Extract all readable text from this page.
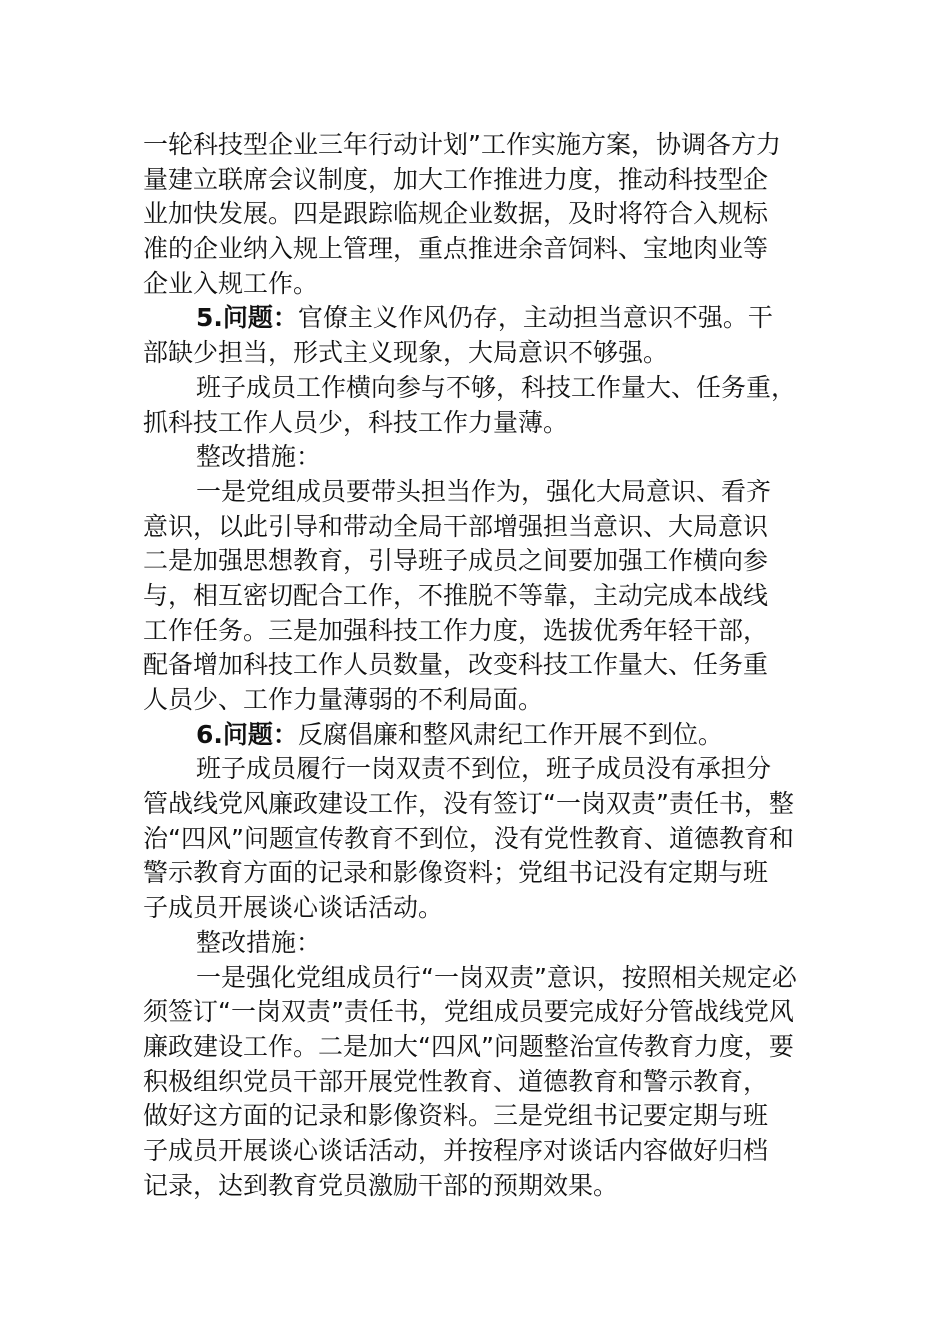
一轮科技型企业三年行动计划”工作实施方案，协调各方力
量建立联席会议制度，加大工作推进力度，推动科技型企
业加快发展。四是跟踪临规企业数据，及时将符合入规标
准的企业纳入规上管理，重点推进余音饲料、宝地肉业等
企业入规工作。
5.问题：官僚主义作风仍存，主动担当意识不强。干
部缺少担当，形式主义现象，大局意识不够强。
班子成员工作横向参与不够，科技工作量大、任务重，
抓科技工作人员少，科技工作力量薄。
整改措施：
一是党组成员要带头担当作为，强化大局意识、看齐
意识，以此引导和带动全局干部增强担当意识、大局意识
二是加强思想教育，引导班子成员之间要加强工作横向参
与，相互密切配合工作，不推脱不等靠，主动完成本战线
工作任务。三是加强科技工作力度，选拔优秀年轻干部，
配备增加科技工作人员数量，改变科技工作量大、任务重
人员少、工作力量薄弱的不利局面。
6.问题：反腐倡廉和整风肃纪工作开展不到位。
班子成员履行一岗双责不到位，班子成员没有承担分
管战线党风廉政建设工作，没有签订“一岗双责”责任书，整
治“四风”问题宣传教育不到位，没有党性教育、道德教育和
警示教育方面的记录和影像资料；党组书记没有定期与班
子成员开展谈心谈话活动。
整改措施：
一是强化党组成员行“一岗双责”意识，按照相关规定必
须签订“一岗双责”责任书，党组成员要完成好分管战线党风
廉政建设工作。二是加大“四风”问题整治宣传教育力度，要
积极组织党员干部开展党性教育、道德教育和警示教育，
做好这方面的记录和影像资料。三是党组书记要定期与班
子成员开展谈心谈话活动，并按程序对谈话内容做好归档
记录，达到教育党员激励干部的预期效果。
